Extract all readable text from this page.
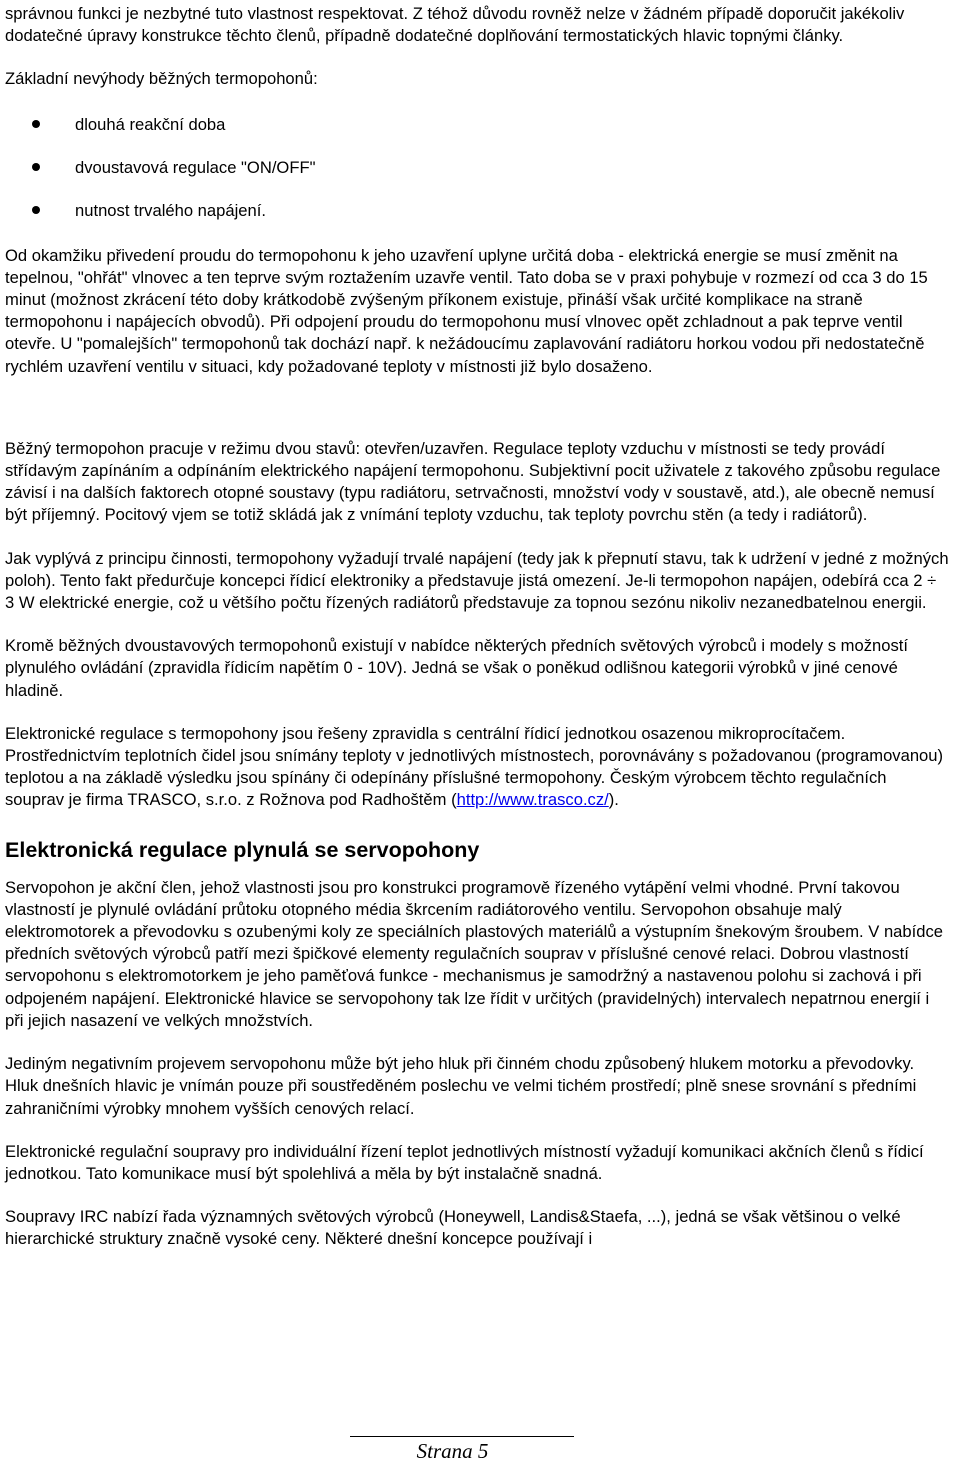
správnou funkci je nezbytné tuto vlastnost respektovat. Z téhož důvodu rovněž nelze v žádném případě doporučit jakékoliv dodatečné úpravy konstrukce těchto členů, případně dodatečné doplňování termostatických hlavic topnými články.

Základní nevýhody běžných termopohonů:

dlouhá reakční doba
dvoustavová regulace "ON/OFF"
nutnost trvalého napájení.

Od okamžiku přivedení proudu do termopohonu k jeho uzavření uplyne určitá doba - elektrická energie se musí změnit na tepelnou, "ohřát" vlnovec a ten teprve svým roztažením uzavře ventil. Tato doba se v praxi pohybuje v rozmezí od cca 3 do 15 minut (možnost zkrácení této doby krátkodobě zvýšeným příkonem existuje, přináší však určité komplikace na straně termopohonu i napájecích obvodů). Při odpojení proudu do termopohonu musí vlnovec opět zchladnout a pak teprve ventil otevře. U "pomalejších" termopohonů tak dochází např. k nežádoucímu zaplavování radiátoru horkou vodou při nedostatečně rychlém uzavření ventilu v situaci, kdy požadované teploty v místnosti již bylo dosaženo.

Běžný termopohon pracuje v režimu dvou stavů: otevřen/uzavřen. Regulace teploty vzduchu v místnosti se tedy provádí střídavým zapínáním a odpínáním elektrického napájení termopohonu. Subjektivní pocit uživatele z takového způsobu regulace závisí i na dalších faktorech otopné soustavy (typu radiátoru, setrvačnosti, množství vody v soustavě, atd.), ale obecně nemusí být příjemný. Pocitový vjem se totiž skládá jak z vnímání teploty vzduchu, tak teploty povrchu stěn (a tedy i radiátorů).

Jak vyplývá z principu činnosti, termopohony vyžadují trvalé napájení (tedy jak k přepnutí stavu, tak k udržení v jedné z možných poloh). Tento fakt předurčuje koncepci řídicí elektroniky a představuje jistá omezení. Je-li termopohon napájen, odebírá cca 2 ÷ 3 W elektrické energie, což u většího počtu řízených radiátorů představuje za topnou sezónu nikoliv nezanedbatelnou energii.

Kromě běžných dvoustavových termopohonů existují v nabídce některých předních světových výrobců i modely s možností plynulého ovládání (zpravidla řídicím napětím 0 - 10V). Jedná se však o poněkud odlišnou kategorii výrobků v jiné cenové hladině.

Elektronické regulace s termopohony jsou řešeny zpravidla s centrální řídicí jednotkou osazenou mikroprocítačem. Prostřednictvím teplotních čidel jsou snímány teploty v jednotlivých místnostech, porovnávány s požadovanou (programovanou) teplotou a na základě výsledku jsou spínány či odepínány příslušné termopohony. Českým výrobcem těchto regulačních souprav je firma TRASCO, s.r.o. z Rožnova pod Radhoštěm (http://www.trasco.cz/).

Elektronická regulace plynulá se servopohony

Servopohon je akční člen, jehož vlastnosti jsou pro konstrukci programově řízeného vytápění velmi vhodné. První takovou vlastností je plynulé ovládání průtoku otopného média škrcením radiátorového ventilu. Servopohon obsahuje malý elektromotorek a převodovku s ozubenými koly ze speciálních plastových materiálů a výstupním šnekovým šroubem. V nabídce předních světových výrobců patří mezi špičkové elementy regulačních souprav v příslušné cenové relaci. Dobrou vlastností servopohonu s elektromotorkem je jeho paměťová funkce - mechanismus je samodržný a nastavenou polohu si zachová i při odpojeném napájení. Elektronické hlavice se servopohony tak lze řídit v určitých (pravidelných) intervalech nepatrnou energií i při jejich nasazení ve velkých množstvích.

Jediným negativním projevem servopohonu může být jeho hluk při činném chodu způsobený hlukem motorku a převodovky. Hluk dnešních hlavic je vnímán pouze při soustředěném poslechu ve velmi tichém prostředí; plně snese srovnání s předními zahraničními výrobky mnohem vyšších cenových relací.

Elektronické regulační soupravy pro individuální řízení teplot jednotlivých místností vyžadují komunikaci akčních členů s řídicí jednotkou. Tato komunikace musí být spolehlivá a měla by být instalačně snadná.

Soupravy IRC nabízí řada významných světových výrobců (Honeywell, Landis&Staefa, ...), jedná se však většinou o velké hierarchické struktury značně vysoké ceny. Některé dnešní koncepce používají i

Strana 5
